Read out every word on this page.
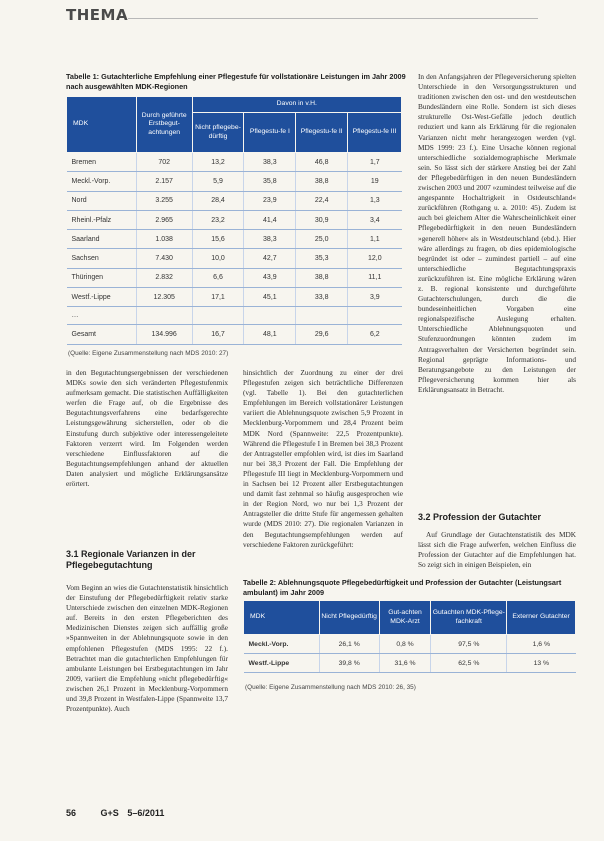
THEMA
Tabelle 1: Gutachterliche Empfehlung einer Pflegestufe für vollstationäre Leistungen im Jahr 2009 nach ausgewählten MDK-Regionen
MDK	Durch geführte Erstbegut-achtungen	Davon in v.H.			
		Nicht pflegebe-dürftig	Pflegestu-fe I	Pflegestu-fe II	Pflegestu-fe III
Bremen	702	13,2	38,3	46,8	1,7
Meckl.-Vorp.	2.157	5,9	35,8	38,8	19
Nord	3.255	28,4	23,9	22,4	1,3
Rheinl.-Pfalz	2.965	23,2	41,4	30,9	3,4
Saarland	1.038	15,6	38,3	25,0	1,1
Sachsen	7.430	10,0	42,7	35,3	12,0
Thüringen	2.832	6,6	43,9	38,8	11,1
Westf.-Lippe	12.305	17,1	45,1	33,8	3,9
…					
Gesamt	134.996	16,7	48,1	29,6	6,2
(Quelle: Eigene Zusammenstellung nach MDS 2010: 27)

In den Anfangsjahren der Pflegeversicherung spielten Unterschiede in den Versorgungsstrukturen und traditionen zwischen den ost- und den westdeutschen Bundesländern eine Rolle. Sondern ist sich dieses strukturelle Ost-West-Gefälle jedoch deutlich reduziert und kann als Erklärung für die regionalen Varianzen nicht mehr herangezogen werden (vgl. MDS 1999: 23 f.). Eine Ursache können regional unterschiedliche sozialdemographische Merkmale sein. So lässt sich der stärkere Anstieg bei der Zahl der Pflegebedürftigen in den neuen Bundesländern zwischen 2003 und 2007 »zumindest teilweise auf die angespannte Hochaltrigkeit in Ostdeutschland« zurückführen (Rothgang u. a. 2010: 45). Zudem ist auch bei gleichem Alter die Wahrscheinlichkeit einer Pflegebedürftigkeit in den neuen Bundesländern »generell höher« als in Westdeutschland (ebd.). Hier wäre allerdings zu fragen, ob dies epidemiologische begründet ist oder – zumindest partiell – auf eine unterschiedliche Begutachtungspraxis zurückzuführen ist. Eine mögliche Erklärung wären z. B. regional konsistente und durchgeführte Gutachterschulungen, durch die die bundeseinheitlichen Vorgaben eine regionalspezifische Auslegung erhalten. Unterschiedliche Ablehnungsquoten und Stufenzuordnungen könnten zudem im Antragsverhalten der Versicherten begründet sein. Regional geprägte Informations- und Beratungsangebote zu den Leistungen der Pflegeversicherung kommen hier als Erklärungsansatz in Betracht.

in den Begutachtungsergebnissen der verschiedenen MDKs sowie den sich veränderten Pflegestufenmix aufmerksam gemacht. Die statistischen Auffälligkeiten werfen die Frage auf, ob die Ergebnisse des Begutachtungsverfahrens eine bedarfsgerechte Leistungsgewährung sicherstellen, oder ob die Einstufung durch subjektive oder interessengeleitete Faktoren verzerrt wird. Im Folgenden werden verschiedene Einflussfaktoren auf die Begutachtungsempfehlungen anhand der aktuellen Daten analysiert und mögliche Erklärungsansätze erörtert.

3.1 Regionale Varianzen in der Pflegebegutachtung

Vom Beginn an wies die Gutachtenstatistik hinsichtlich der Einstufung der Pflegebedürftigkeit relativ starke Unterschiede zwischen den einzelnen MDK-Regionen auf. Bereits in den ersten Pflegeberichten des Medizinischen Dienstes zeigen sich auffällig große »Spannweiten in der Ablehnungsquote sowie in den empfohlenen Pflegestufen (MDS 1995: 22 f.). Betrachtet man die gutachterlichen Empfehlungen für ambulante Leistungen bei Erstbegutachtungen im Jahr 2009, variiert die Empfehlung »nicht pflegebedürftig« zwischen 26,1 Prozent in Mecklenburg-Vorpommern und 39,8 Prozent in Westfalen-Lippe (Spannweite 13,7 Prozentpunkte). Auch

hinsichtlich der Zuordnung zu einer der drei Pflegestufen zeigen sich beträchtliche Differenzen (vgl. Tabelle 1). Bei den gutachterlichen Empfehlungen im Bereich vollstationärer Leistungen variiert die Ablehnungsquote zwischen 5,9 Prozent in Mecklenburg-Vorpommern und 28,4 Prozent beim MDK Nord (Spannweite: 22,5 Prozentpunkte). Während die Pflegestufe I in Bremen bei 38,3 Prozent der Antragsteller empfohlen wird, ist dies im Saarland nur bei 38,3 Prozent der Fall. Die Empfehlung der Pflegestufe III liegt in Mecklenburg-Vorpommern und in Sachsen bei 12 Prozent aller Erstbegutachtungen und damit fast zehnmal so häufig ausgesprochen wie in der Region Nord, wo nur bei 1,3 Prozent der Antragsteller die dritte Stufe für angemessen gehalten wurde (MDS 2010: 27). Die regionalen Varianzen in den Begutachtungsempfehlungen werden auf verschiedene Faktoren zurückgeführt:

3.2 Profession der Gutachter

Auf Grundlage der Gutachtenstatistik des MDK lässt sich die Frage aufwerfen, welchen Einfluss die Profession der Gutachter auf die Empfehlungen hat. So zeigt sich in einigen Beispielen, ein

Tabelle 2: Ablehnungsquote Pflegebedürftigkeit und Profession der Gutachter (Leistungsart ambulant) im Jahr 2009
MDK	Nicht Pflegedürftig	Gut-achten MDK-Arzt	Gutachten MDK-Pflege-fachkraft	Externer Gutachter
Meckl.-Vorp.	26,1 %	0,8 %	97,5 %	1,6 %
Westf.-Lippe	39,8 %	31,6 %	62,5 %	13 %
(Quelle: Eigene Zusammenstellung nach MDS 2010: 26, 35)
56	G+S 5–6/2011
